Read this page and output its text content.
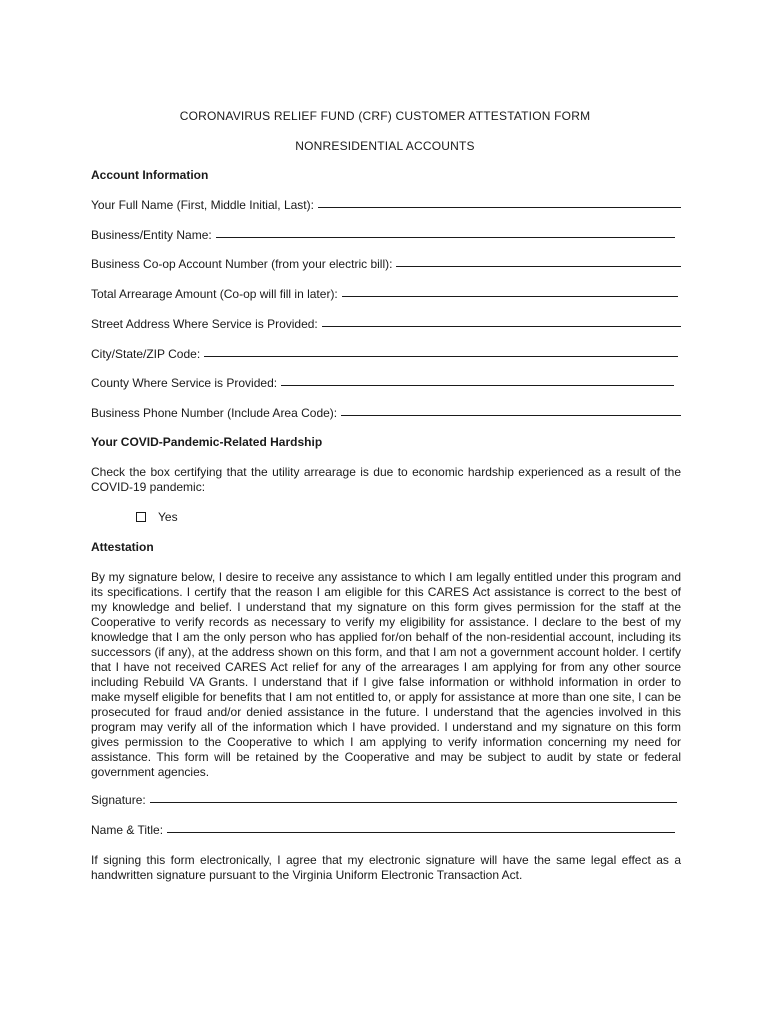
CORONAVIRUS RELIEF FUND (CRF) CUSTOMER ATTESTATION FORM
NONRESIDENTIAL ACCOUNTS
Account Information
Your Full Name (First, Middle Initial, Last):
Business/Entity Name:
Business Co-op Account Number (from your electric bill):
Total Arrearage Amount (Co-op will fill in later):
Street Address Where Service is Provided:
City/State/ZIP Code:
County Where Service is Provided:
Business Phone Number (Include Area Code):
Your COVID-Pandemic-Related Hardship
Check the box certifying that the utility arrearage is due to economic hardship experienced as a result of the COVID-19 pandemic:
Yes
Attestation
By my signature below, I desire to receive any assistance to which I am legally entitled under this program and its specifications. I certify that the reason I am eligible for this CARES Act assistance is correct to the best of my knowledge and belief. I understand that my signature on this form gives permission for the staff at the Cooperative to verify records as necessary to verify my eligibility for assistance. I declare to the best of my knowledge that I am the only person who has applied for/on behalf of the non-residential account, including its successors (if any), at the address shown on this form, and that I am not a government account holder. I certify that I have not received CARES Act relief for any of the arrearages I am applying for from any other source including Rebuild VA Grants. I understand that if I give false information or withhold information in order to make myself eligible for benefits that I am not entitled to, or apply for assistance at more than one site, I can be prosecuted for fraud and/or denied assistance in the future. I understand that the agencies involved in this program may verify all of the information which I have provided. I understand and my signature on this form gives permission to the Cooperative to which I am applying to verify information concerning my need for assistance. This form will be retained by the Cooperative and may be subject to audit by state or federal government agencies.
Signature:
Name & Title:
If signing this form electronically, I agree that my electronic signature will have the same legal effect as a handwritten signature pursuant to the Virginia Uniform Electronic Transaction Act.
